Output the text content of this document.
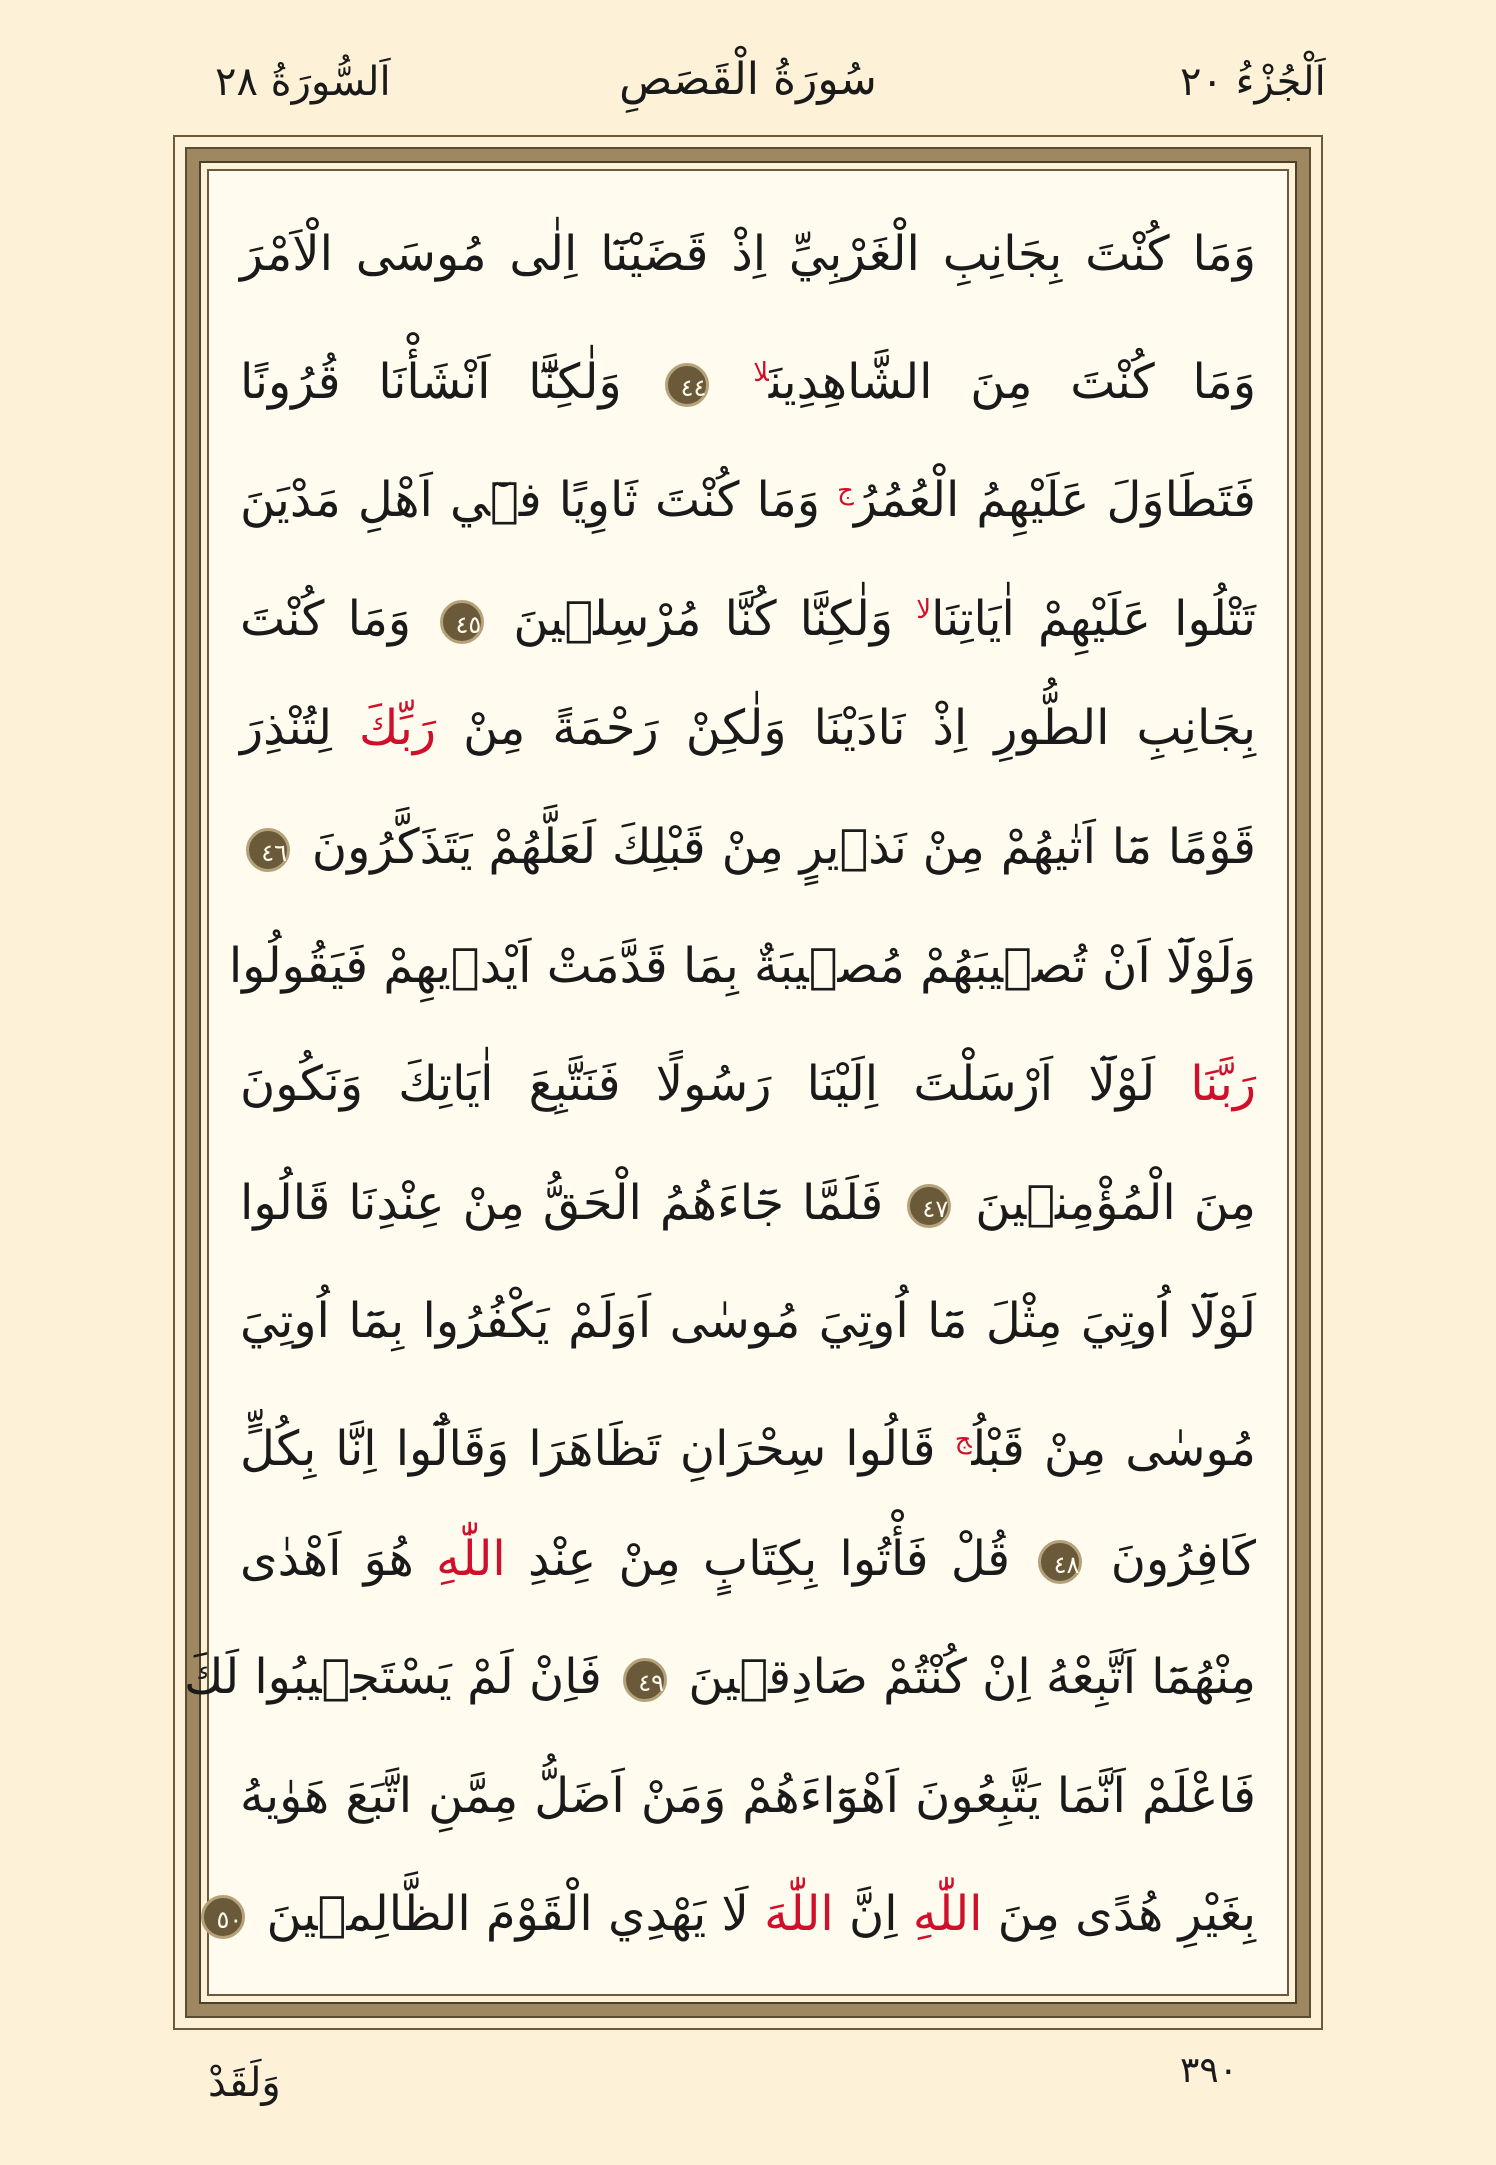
اَلْجُزْءُ ٢٠
سُورَةُ الْقَصَصِ
اَلسُّورَةُ ٢٨
وَمَا كُنْتَ بِجَانِبِ الْغَرْبِيِّ اِذْ قَضَيْنَٓا اِلٰى مُوسَى الْاَمْرَ
وَمَا كُنْتَ مِنَ الشَّاهِدِينَ$^{لا}$ ٤٤ وَلٰكِنَّٓا اَنْشَأْنَا قُرُونًا
فَتَطَاوَلَ عَلَيْهِمُ الْعُمُرُ$^ج$ وَمَا كُنْتَ ثَاوِيًا فٖٓي اَهْلِ مَدْيَنَ
تَتْلُوا عَلَيْهِمْ اٰيَاتِنَا$^{لا}$ وَلٰكِنَّا كُنَّا مُرْسِلٖينَ ٤٥ وَمَا كُنْتَ
بِجَانِبِ الطُّورِ اِذْ نَادَيْنَا وَلٰكِنْ رَحْمَةً مِنْ رَبِّكَ لِتُنْذِرَ
قَوْمًا مَٓا اَتٰيهُمْ مِنْ نَذٖيرٍ مِنْ قَبْلِكَ لَعَلَّهُمْ يَتَذَكَّرُونَ ٤٦
وَلَوْلَٓا اَنْ تُصٖيبَهُمْ مُصٖيبَةٌ بِمَا قَدَّمَتْ اَيْدٖيهِمْ فَيَقُولُوا
رَبَّنَا لَوْلَٓا اَرْسَلْتَ اِلَيْنَا رَسُولًا فَنَتَّبِعَ اٰيَاتِكَ وَنَكُونَ
مِنَ الْمُؤْمِنٖينَ ٤٧ فَلَمَّا جَٓاءَهُمُ الْحَقُّ مِنْ عِنْدِنَا قَالُوا
لَوْلَٓا اُوتِيَ مِثْلَ مَٓا اُوتِيَ مُوسٰى اَوَلَمْ يَكْفُرُوا بِمَٓا اُوتِيَ
مُوسٰى مِنْ قَبْلُ$^ج$ قَالُوا سِحْرَانِ تَظَاهَرَا وَقَالُٓوا اِنَّا بِكُلٍّ
كَافِرُونَ ٤٨ قُلْ فَأْتُوا بِكِتَابٍ مِنْ عِنْدِ اللّٰهِ هُوَ اَهْدٰى
مِنْهُمَٓا اَتَّبِعْهُ اِنْ كُنْتُمْ صَادِقٖينَ ٤٩ فَاِنْ لَمْ يَسْتَجٖيبُوا لَكَ
فَاعْلَمْ اَنَّمَا يَتَّبِعُونَ اَهْوَٓاءَهُمْ وَمَنْ اَضَلُّ مِمَّنِ اتَّبَعَ هَوٰيهُ
بِغَيْرِ هُدًى مِنَ اللّٰهِ اِنَّ اللّٰهَ لَا يَهْدِي الْقَوْمَ الظَّالِمٖينَ ٥٠
وَلَقَدْ	٣٩٠
